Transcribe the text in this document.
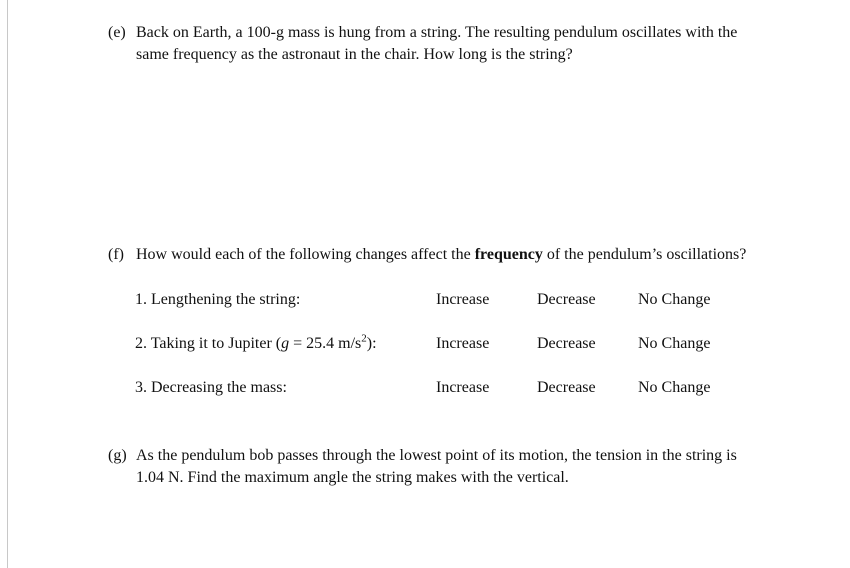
(e) Back on Earth, a 100-g mass is hung from a string. The resulting pendulum oscillates with the
same frequency as the astronaut in the chair. How long is the string?
(f) How would each of the following changes affect the frequency of the pendulum’s oscillations?
1. Lengthening the string:	Increase	Decrease	No Change
2. Taking it to Jupiter (g = 25.4 $m/s^2$):	Increase	Decrease	No Change
3. Decreasing the mass:	Increase	Decrease	No Change
(g) As the pendulum bob passes through the lowest point of its motion, the tension in the string is
1.04 N. Find the maximum angle the string makes with the vertical.
